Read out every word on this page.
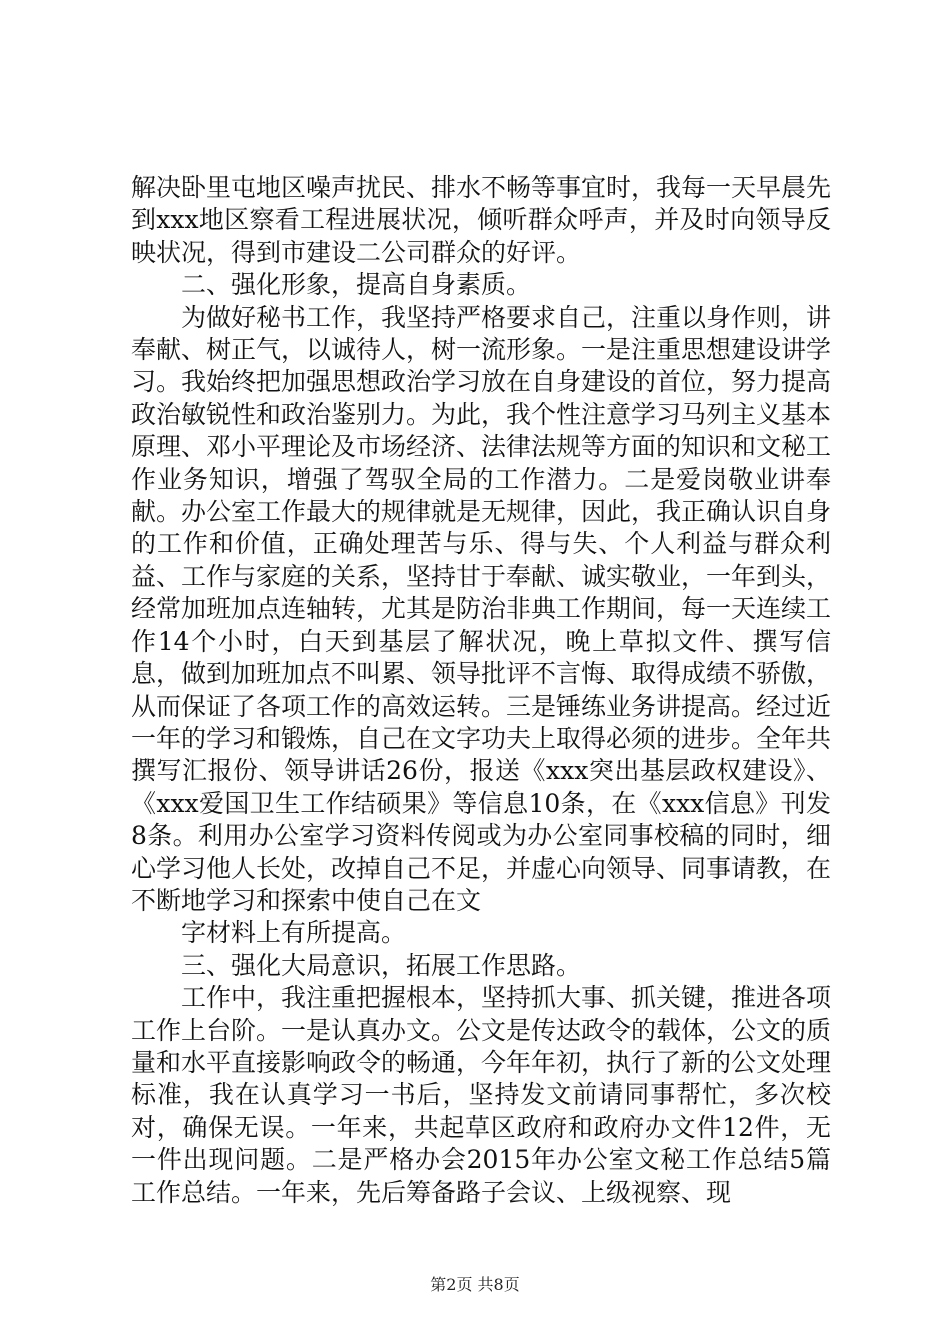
解决卧里屯地区噪声扰民、排水不畅等事宜时，我每一天早晨先到xxx地区察看工程进展状况，倾听群众呼声，并及时向领导反映状况，得到市建设二公司群众的好评。

二、强化形象，提高自身素质。

为做好秘书工作，我坚持严格要求自己，注重以身作则，讲奉献、树正气，以诚待人，树一流形象。一是注重思想建设讲学习。我始终把加强思想政治学习放在自身建设的首位，努力提高政治敏锐性和政治鉴别力。为此，我个性注意学习马列主义基本原理、邓小平理论及市场经济、法律法规等方面的知识和文秘工作业务知识，增强了驾驭全局的工作潜力。二是爱岗敬业讲奉献。办公室工作最大的规律就是无规律，因此，我正确认识自身的工作和价值，正确处理苦与乐、得与失、个人利益与群众利益、工作与家庭的关系，坚持甘于奉献、诚实敬业，一年到头，经常加班加点连轴转，尤其是防治非典工作期间，每一天连续工作14个小时，白天到基层了解状况，晚上草拟文件、撰写信息，做到加班加点不叫累、领导批评不言悔、取得成绩不骄傲，从而保证了各项工作的高效运转。三是锤练业务讲提高。经过近一年的学习和锻炼，自己在文字功夫上取得必须的进步。全年共撰写汇报份、领导讲话26份，报送《xxx突出基层政权建设》、《xxx爱国卫生工作结硕果》等信息10条，在《xxx信息》刊发8条。利用办公室学习资料传阅或为办公室同事校稿的同时，细心学习他人长处，改掉自己不足，并虚心向领导、同事请教，在不断地学习和探索中使自己在文

字材料上有所提高。

三、强化大局意识，拓展工作思路。

工作中，我注重把握根本，坚持抓大事、抓关键，推进各项工作上台阶。一是认真办文。公文是传达政令的载体，公文的质量和水平直接影响政令的畅通，今年年初，执行了新的公文处理标准，我在认真学习一书后，坚持发文前请同事帮忙，多次校对，确保无误。一年来，共起草区政府和政府办文件12件，无一件出现问题。二是严格办会2015年办公室文秘工作总结5篇工作总结。一年来，先后筹备路子会议、上级视察、现

第2页 共8页
